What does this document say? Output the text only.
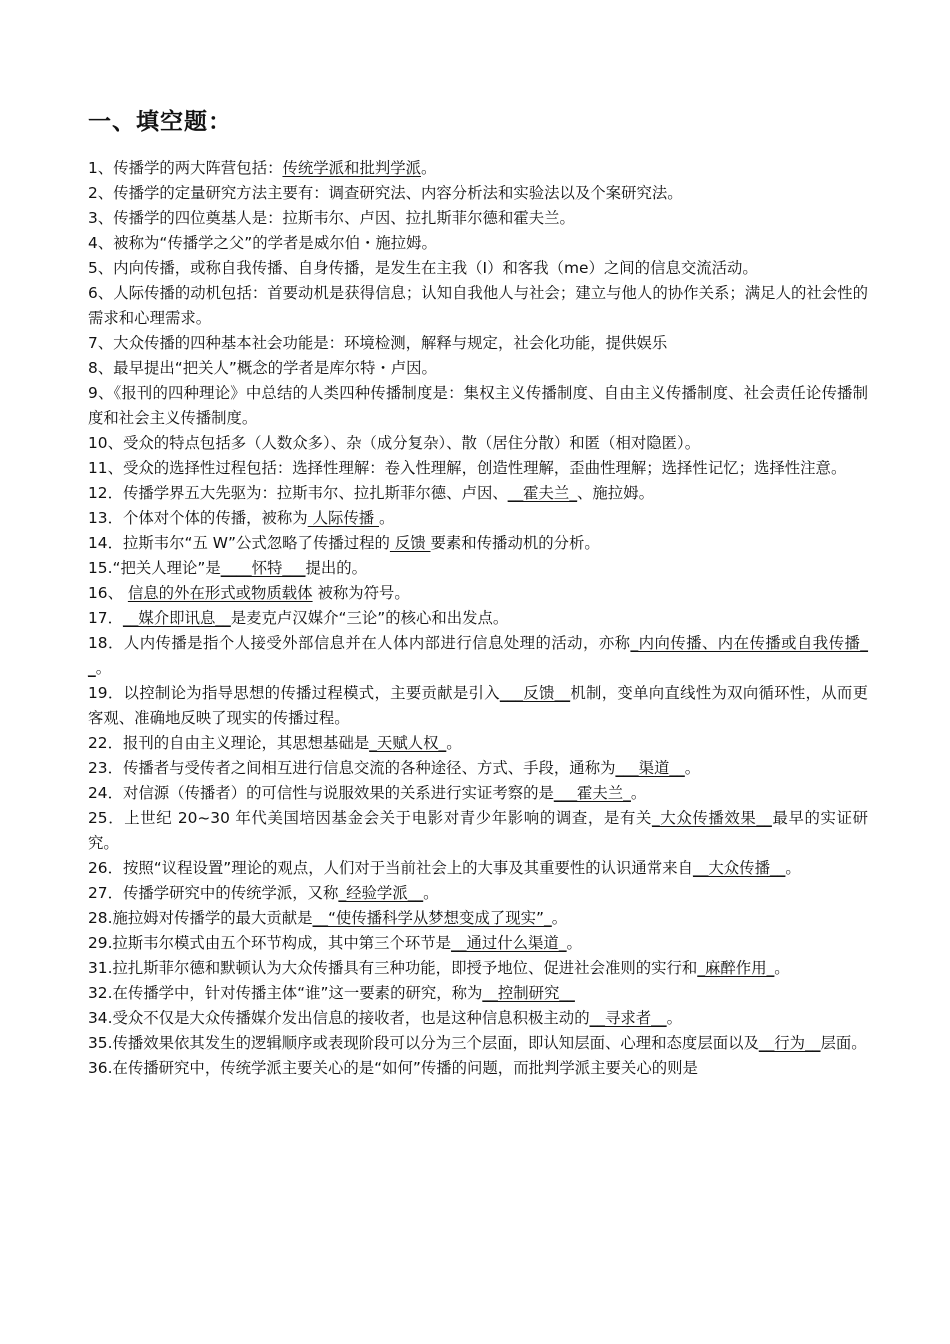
一、填空题：
1、传播学的两大阵营包括：传统学派和批判学派。
2、传播学的定量研究方法主要有：调查研究法、内容分析法和实验法以及个案研究法。
3、传播学的四位奠基人是：拉斯韦尔、卢因、拉扎斯菲尔德和霍夫兰。
4、被称为“传播学之父”的学者是威尔伯・施拉姆。
5、内向传播，或称自我传播、自身传播，是发生在主我（I）和客我（me）之间的信息交流活动。
6、人际传播的动机包括：首要动机是获得信息；认知自我他人与社会；建立与他人的协作关系；满足人的社会性的需求和心理需求。
7、大众传播的四种基本社会功能是：环境检测，解释与规定，社会化功能，提供娱乐
8、最早提出“把关人”概念的学者是库尔特・卢因。
9、《报刊的四种理论》中总结的人类四种传播制度是：集权主义传播制度、自由主义传播制度、社会责任论传播制度和社会主义传播制度。
10、受众的特点包括多（人数众多）、杂（成分复杂）、散（居住分散）和匿（相对隐匿）。
11、受众的选择性过程包括：选择性理解：卷入性理解，创造性理解，歪曲性理解；选择性记忆；选择性注意。
12．传播学界五大先驱为：拉斯韦尔、拉扎斯菲尔德、卢因、__霍夫兰_、施拉姆。
13．个体对个体的传播，被称为 人际传播 。
14．拉斯韦尔“五 W”公式忽略了传播过程的 反馈 要素和传播动机的分析。
15.“把关人理论”是____怀特___提出的。
16、 信息的外在形式或物质载体 被称为符号。
17．__媒介即讯息__是麦克卢汉媒介“三论”的核心和出发点。
18．人内传播是指个人接受外部信息并在人体内部进行信息处理的活动，亦称_内向传播、内在传播或自我传播__。
19．以控制论为指导思想的传播过程模式，主要贡献是引入___反馈__机制，变单向直线性为双向循环性，从而更客观、准确地反映了现实的传播过程。
22．报刊的自由主义理论，其思想基础是_天赋人权_。
23．传播者与受传者之间相互进行信息交流的各种途径、方式、手段，通称为___渠道__。
24．对信源（传播者）的可信性与说服效果的关系进行实证考察的是___霍夫兰_。
25．上世纪 20~30 年代美国培因基金会关于电影对青少年影响的调查，是有关_大众传播效果__最早的实证研究。
26．按照“议程设置”理论的观点，人们对于当前社会上的大事及其重要性的认识通常来自__大众传播__。
27．传播学研究中的传统学派，又称_经验学派__。
28.施拉姆对传播学的最大贡献是__“使传播科学从梦想变成了现实”_。
29.拉斯韦尔模式由五个环节构成，其中第三个环节是__通过什么渠道_。
31.拉扎斯菲尔德和默顿认为大众传播具有三种功能，即授予地位、促进社会准则的实行和_麻醉作用_。
32.在传播学中，针对传播主体“谁”这一要素的研究，称为__控制研究__
34.受众不仅是大众传播媒介发出信息的接收者，也是这种信息积极主动的__寻求者__。
35.传播效果依其发生的逻辑顺序或表现阶段可以分为三个层面，即认知层面、心理和态度层面以及__行为__层面。
36.在传播研究中，传统学派主要关心的是“如何”传播的问题，而批判学派主要关心的则是
